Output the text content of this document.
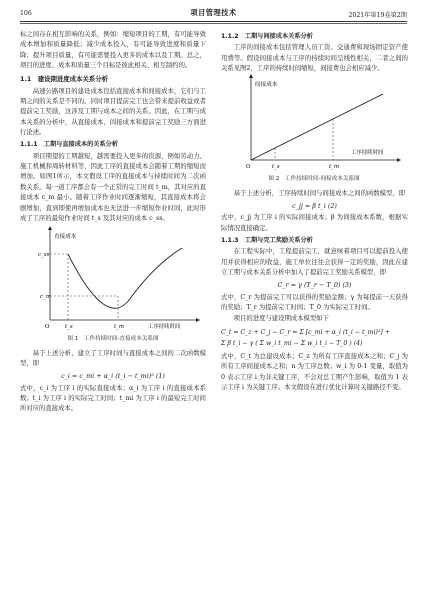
106	项目管理技术	2021年第19卷第2期

标之间存在相互影响的关系，例如：缩短项目的工期，有可能导致成本增加和质量降低；减少成本投入，有可能导致进度和质量下降；提升项目质量，有可能需要投入更多的成本以及工期。总之，项目的进度、成本和质量三个目标是彼此相关、相互制约的。

1.1　建设期进度成本关系分析

高速公路项目的建设成本包括直接成本和间接成本，它们与工期之间的关系是不同的。同时项目提前完工也会带来提前收益或者提前完工奖励，这涉及工期与成本之间的关系。因此，在工期与成本关系的分析中，从直接成本、间接成本和提前完工奖励三方面进行论述。

1.1.1　工期与直接成本的关系分析

项目期望的工期越短，越需要投入更多的资源，例如劳动力、施工机械和周转材料等，因此工序的直接成本会随着工期的缩短而增加。如图1所示，本文假设工序的直接成本与持续时间为二次函数关系。每一道工序都会有一个正常的完工时间 t_m，其对应的直接成本 c_m 最小。随着工序作业时间逐渐缩短，其直接成本将会剧增加，直到即使再增加成本也无法进一步缩短作业时间，此时形成了工序的最短作业时间 t_s 及其对应的成本 c_ss。

直接成本
c_ss
c_m
O	t_s	t_m	工序持续时间
图 1　工作持续时间-直接成本关系图

基于上述分析，建立了工序时间与直接成本之间的二次函数模型，即

c_i = c_mi + α_i (t_i − t_mi)² (1)

式中，c_i 为工序 i 的实际直接成本；α_i 为工序 i 的直接成本系数；t_i 为工序 i 的实际完工时间；t_mi 为工序 i 的最短完工时间所对应的直接成本。

1.1.2　工期与间接成本关系分析

工序的间接成本包括管理人员工资、交通费和现场固定资产使用费等。假设间接成本与工序的持续时间呈线性相关，二者之间的关系见图2，工序的持续时间缩短，间接费也会相应减少。

间接成本
O	t_s	t_m
工序持续时间
图 2　工作持续时间-间接成本关系图

基于上述分析，工序持续时间与间接成本之间的函数模型，即

c_jj = β t_i (2)

式中，c_jj 为工序 i 的实际间接成本；β 为间接成本系数，根据实际情况直接确定。

1.1.3　工期与完工奖励关系分析

在工程实际中，工程提前完工，就意味着项目可以提前投入使用并获得相应的收益，施工单位往往会获得一定的奖励，因此在建立工期与成本关系分析中加入了提前完工奖励关系模型，即

C_r = γ (T_r − T_0) (3)

式中，C_r 为提前完工可以获得的奖励金额；γ 为每提前一天获得的奖励；T_r 为提前完工时间；T_0 为实际完工时间。

项目的进度与建设期成本模型如下

C_t = C_z + C_j − C_r = Σ [c_mi + α_i (t_i − t_mi)²] +
Σ β t_i − γ ( Σ w_i t_mi − Σ w_i t_i − T_0 ) (4)

式中，C_t 为总建设成本；C_z 为所有工序直接成本之和；C_j 为所有工序间接成本之和；n 为工序总数；w_i 为 0-1 变量，取值为 0 表示工序 i 为非关键工序，不会对总工期产生影响，取值为 1 表示工序 i 为关键工序。本文假设在进行优化计算时关键路径不变。
